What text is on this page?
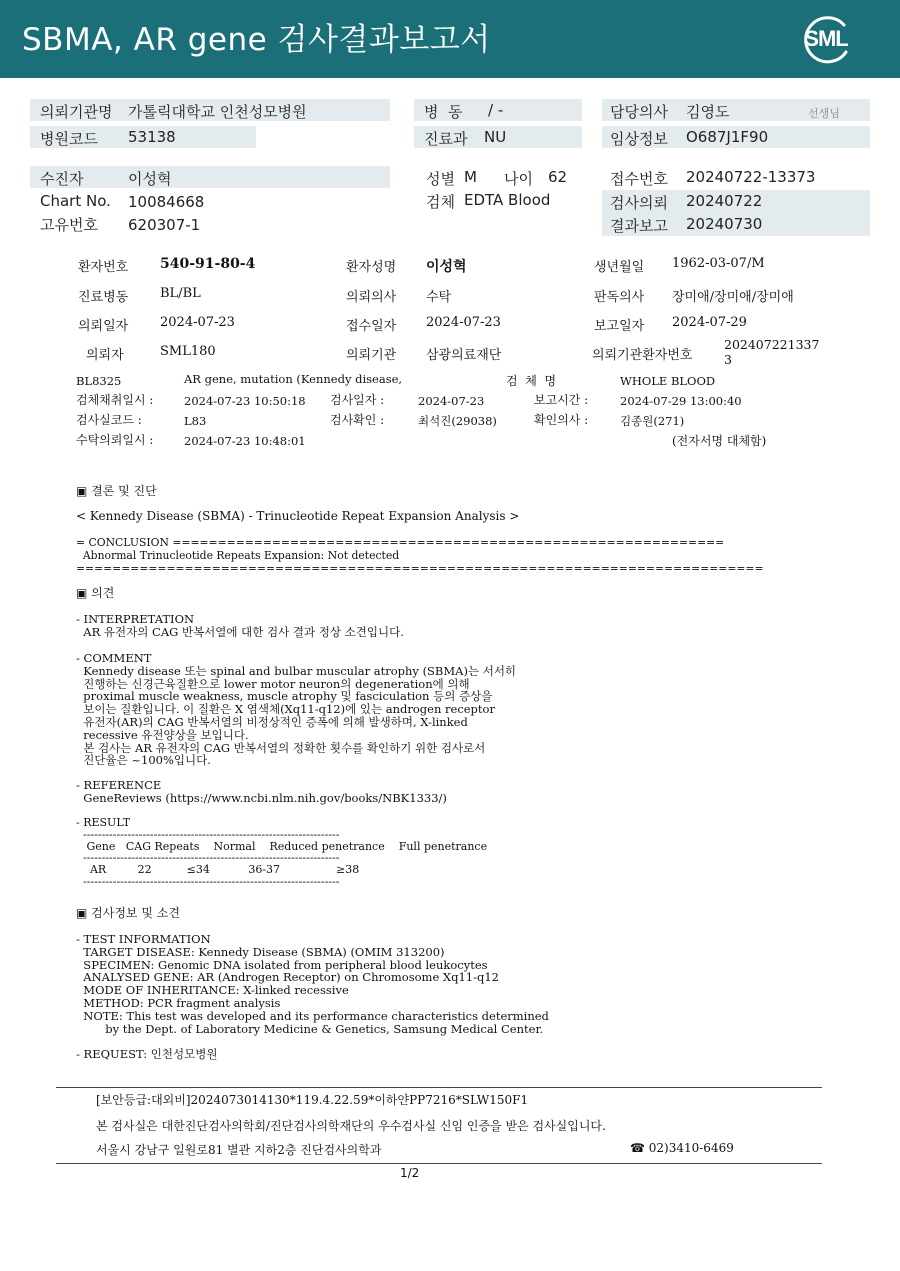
SBMA, AR gene 검사결과보고서	SML
의뢰기관명 가톨릭대학교 인천성모병원
병원코드 53138
병  동 / -
진료과 NU
담당의사 김영도	선생님
임상정보 O687J1F90
수진자	이성혁
Chart No. 10084668
고유번호 620307-1
성별 M 나이 62
검체 EDTA Blood
접수번호 20240722-13373
검사의뢰 20240722
결과보고 20240730
환자번호 540-91-80-4	환자성명 이성혁	생년월일 1962-03-07/M
진료병동 BL/BL	의뢰의사 수탁	판독의사 장미애/장미애/장미애
의뢰일자 2024-07-23	접수일자 2024-07-23	보고일자 2024-07-29
의뢰자	SML180	의뢰기관 삼광의료재단	의뢰기관환자번호
202407221337
3
BL8325	AR gene, mutation (Kennedy disease,	검  체  명	WHOLE BLOOD
검체채취일시 :	2024-07-23 10:50:18 검사일자 :	2024-07-23	보고시간 :	2024-07-29 13:00:40
검사실코드 :	L83	검사확인 :	최석진(29038)	확인의사 :	김종원(271)
수탁의뢰일시 :	2024-07-23 10:48:01	(전자서명 대체함)
▣ 결론 및 진단
< Kennedy Disease (SBMA) - Trinucleotide Repeat Expansion Analysis >
= CONCLUSION =============================================================
Abnormal Trinucleotide Repeats Expansion: Not detected
============================================================================
▣ 의견
- INTERPRETATION
AR 유전자의 CAG 반복서열에 대한 검사 결과 정상 소견입니다.
- COMMENT
Kennedy disease 또는 spinal and bulbar muscular atrophy (SBMA)는 서서히
진행하는 신경근육질환으로 lower motor neuron의 degeneration에 의해
proximal muscle weakness, muscle atrophy 및 fasciculation 등의 증상을
보이는 질환입니다. 이 질환은 X 염색체(Xq11-q12)에 있는 androgen receptor
유전자(AR)의 CAG 반복서열의 비정상적인 증폭에 의해 발생하며, X-linked
recessive 유전양상을 보입니다.
본 검사는 AR 유전자의 CAG 반복서열의 정확한 횟수를 확인하기 위한 검사로서
진단율은 ~100%입니다.
- REFERENCE
GeneReviews (https://www.ncbi.nlm.nih.gov/books/NBK1333/)
- RESULT
---------------------------------------------------------------------
Gene   CAG Repeats    Normal    Reduced penetrance    Full penetrance
---------------------------------------------------------------------
AR         22          ≤34           36-37                ≥38
---------------------------------------------------------------------
▣ 검사정보 및 소견
- TEST INFORMATION
TARGET DISEASE: Kennedy Disease (SBMA) (OMIM 313200)
SPECIMEN: Genomic DNA isolated from peripheral blood leukocytes
ANALYSED GENE: AR (Androgen Receptor) on Chromosome Xq11-q12
MODE OF INHERITANCE: X-linked recessive
METHOD: PCR fragment analysis
NOTE: This test was developed and its performance characteristics determined
by the Dept. of Laboratory Medicine & Genetics, Samsung Medical Center.
- REQUEST: 인천성모병원
[보안등급:대외비]2024073014130*119.4.22.59*이하얀PP7216*SLW150F1
본 검사실은 대한진단검사의학회/진단검사의학재단의 우수검사실 신임 인증을 받은 검사실입니다.
서울시 강남구 일원로81 별관 지하2층 진단검사의학과	☎ 02)3410-6469
1/2
